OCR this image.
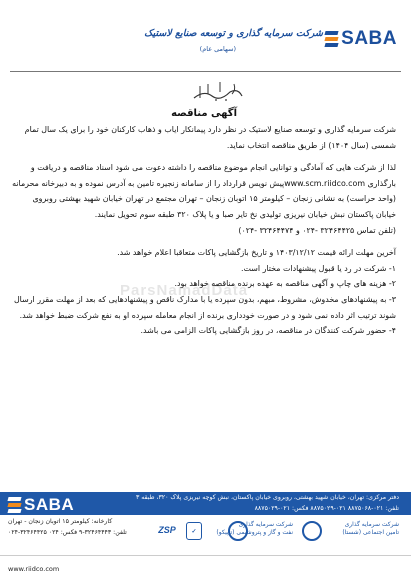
SABA
شرکت سرمایه گذاری و توسعه صنایع لاستیک
(سهامی عام)
آگهی مناقصه

شرکت سرمایه گذاری و توسعه صنایع لاستیک در نظر دارد پیمانکار ایاب و ذهاب کارکنان خود را برای یک سال تمام شمسی (سال ۱۴۰۴) از طریق مناقصه انتخاب نماید.

لذا از شرکت هایی که آمادگی و توانایی انجام موضوع مناقصه را داشته دعوت می شود اسناد مناقصه و دریافت و بارگذاری www.scm.riidco.comپیش نویس قرارداد را از سامانه زنجیره تامین به آدرس نموده و به دبیرخانه محرمانه (واحد حراست) به نشانی زنجان – کیلومتر ۱۵ اتوبان زنجان – تهران مجتمع در تهران خیابان شهید بهشتی روبروی خیابان پاکستان نبش خیابان نیریزی تولیدی نخ تایر صبا و یا پلاک ۳۲۰ طبقه سوم تحویل نمایند.

(تلفن تماس ۳۲۴۶۴۴۲۵ -۰۲۴ و ۳۲۴۶۴۴۷۴ -۰۲۴)

آخرین مهلت ارائه قیمت ۱۴۰۳/۱۲/۱۲ و تاریخ بازگشایی پاکات متعاقبا اعلام خواهد شد.

۱- شرکت در رد یا قبول پیشنهادات مختار است.

۲- هزینه های چاپ و آگهی مناقصه به عهده برنده مناقصه خواهد بود.

۳- به پیشنهادهای مخدوش، مشروط، مبهم، بدون سپرده یا با مدارک ناقص و پیشنهادهایی که بعد از مهلت مقرر ارسال شوند ترتیب اثر داده نمی شود و در صورت خودداری برنده از انجام معامله سپرده او به نفع شرکت ضبط خواهد شد.

۴- حضور شرکت کنندگان در مناقصه، در روز بازگشایی پاکات الزامی می باشد.

ParsNamadData
SABA	دفتر مرکزی: تهران، خیابان شهید بهشتی، روبروی خیابان پاکستان، نبش کوچه نیریزی پلاک ۳۲۰، طبقه ۳
تلفن: ۰۲۱-۸۸۷۵۰۶۸ ۰۲۱-۸۸۷۵۰۲۹ فکس: ۰۲۱-۸۸۷۵۰۲۹
کارخانه: کیلومتر ۱۵ اتوبان زنجان - تهران
۰۲۴-۳۲۴۶۴۴۲۵ تلفن: ۳۲۴۶۴۴۴۳-۹ فکس: ۰۲۴
www.riidco.com
ZSP	✓
شرکت سرمایه گذاری
نفت و گاز و پتروشیمی (تاپیکو)
شرکت سرمایه گذاری
تامین اجتماعی (شستا)
